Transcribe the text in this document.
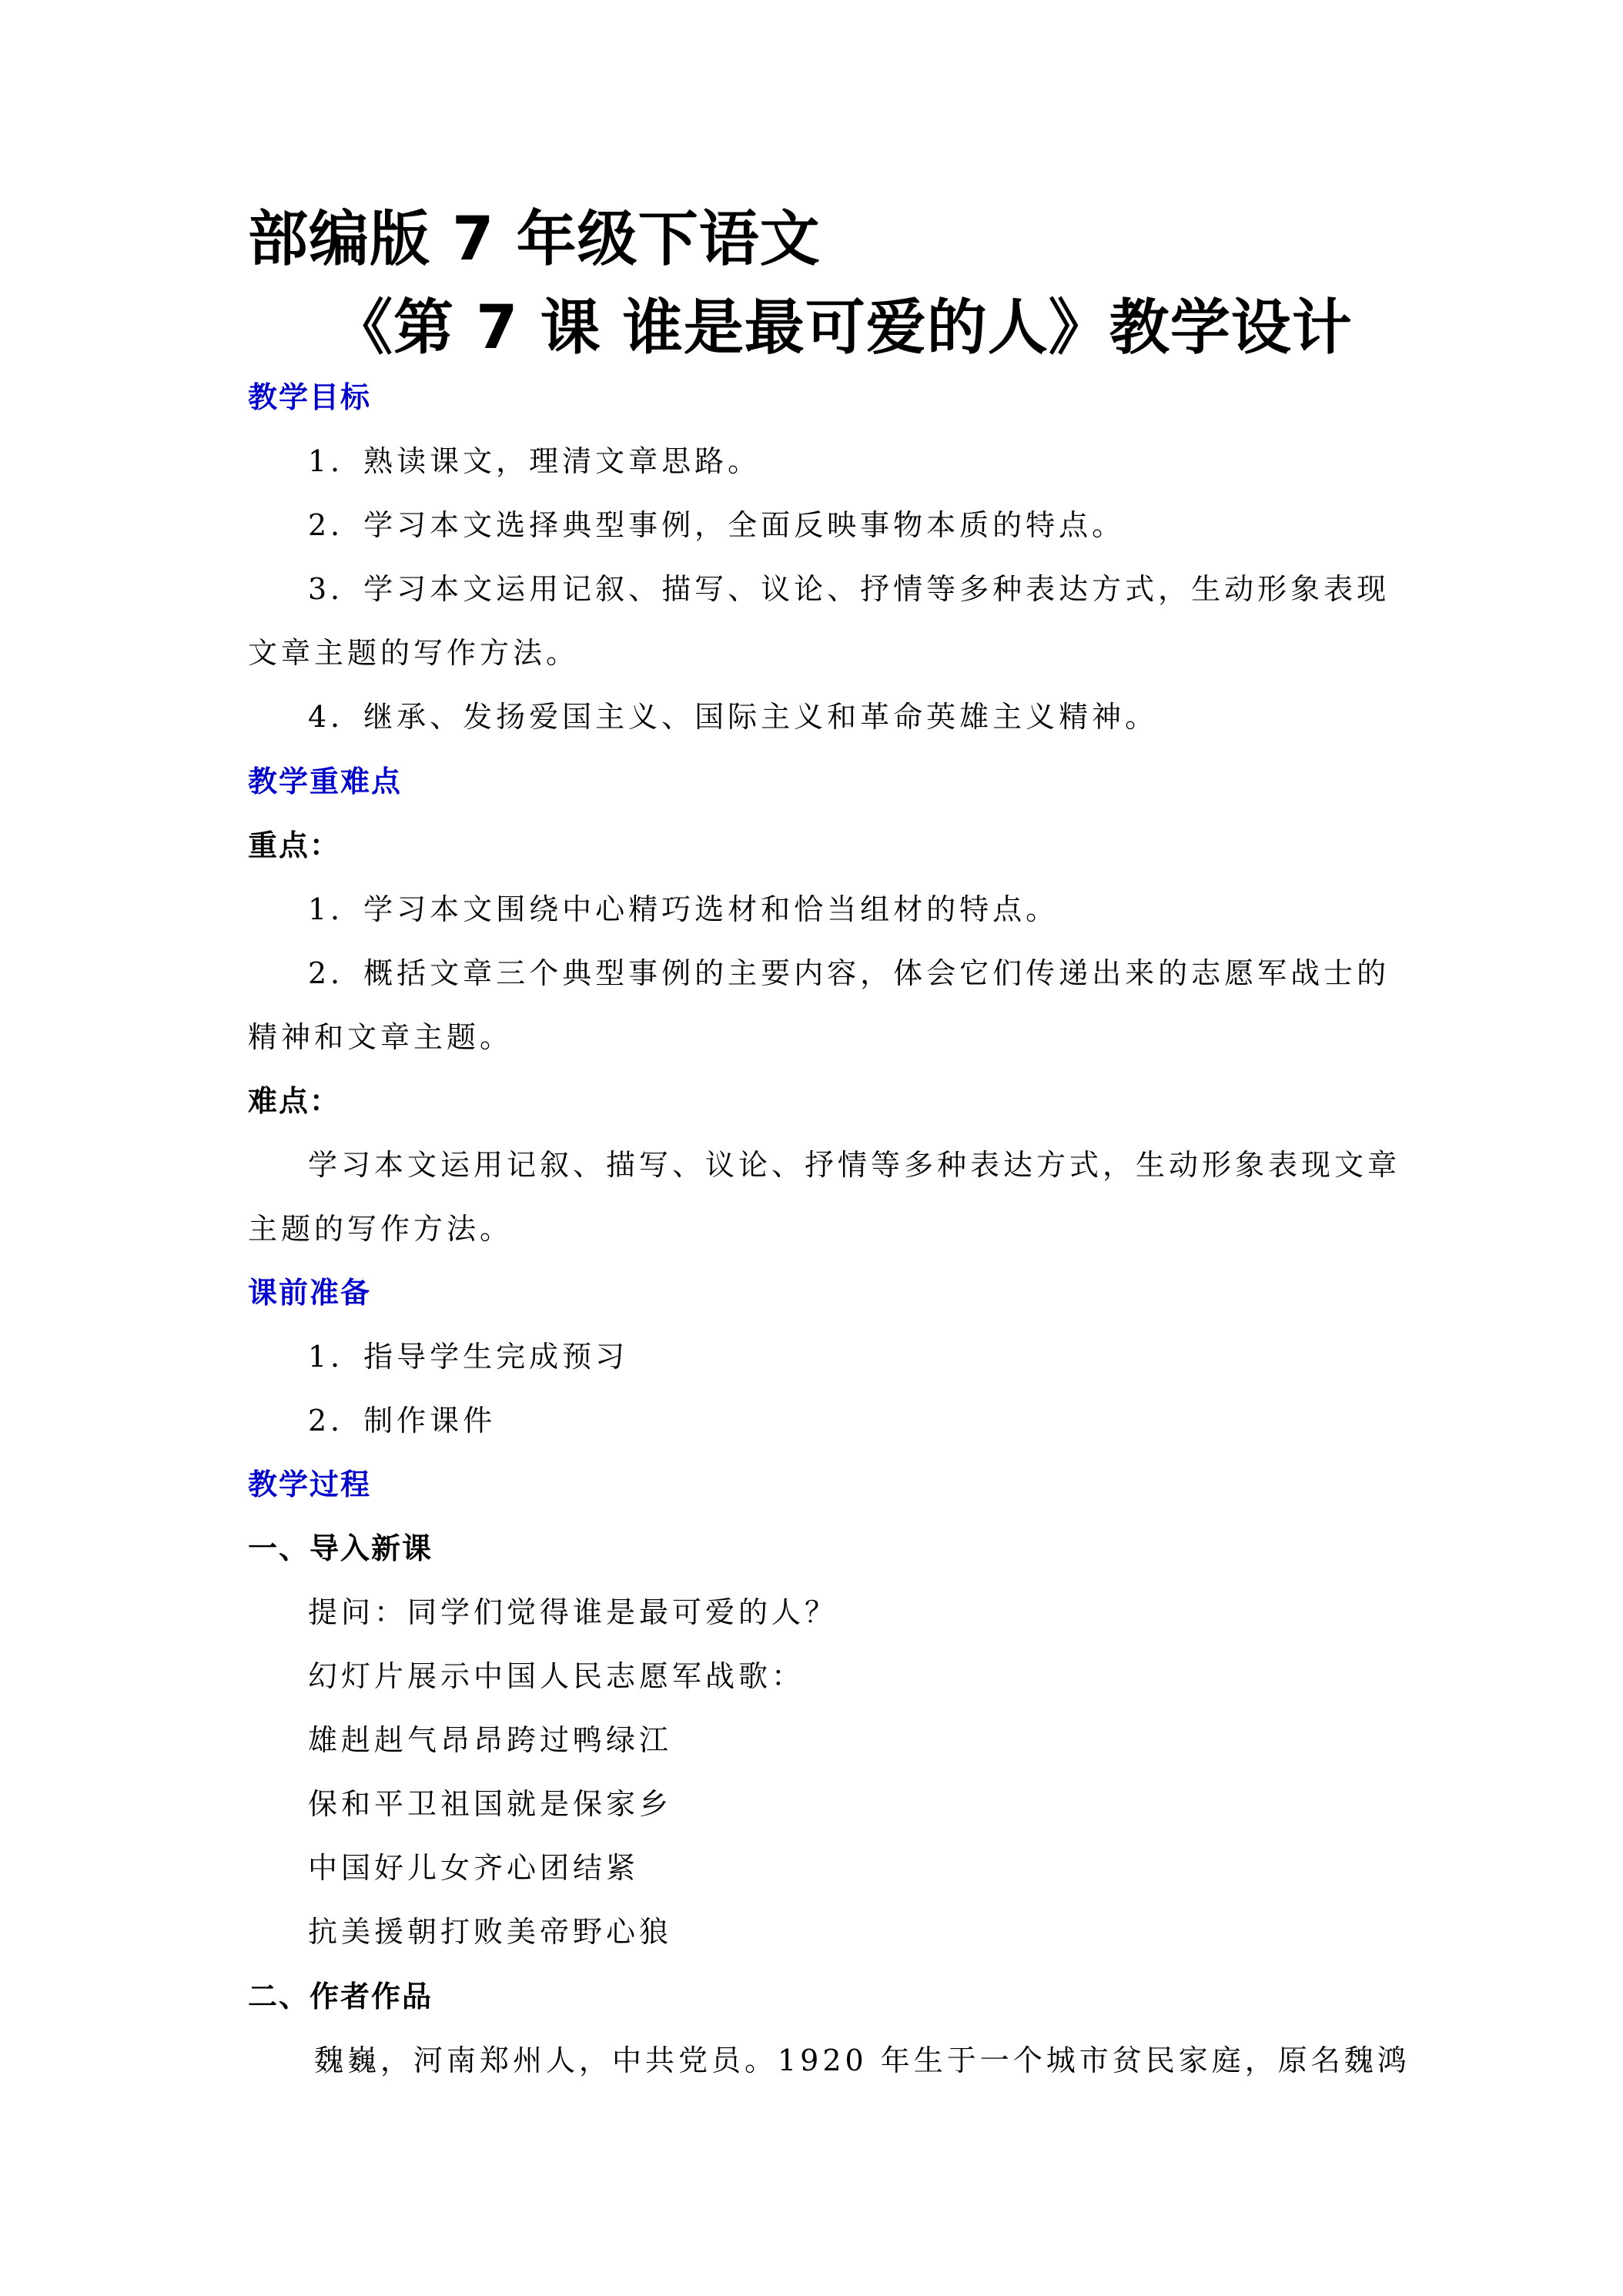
部编版 7 年级下语文
《第 7 课 谁是最可爱的人》教学设计
教学目标
1．熟读课文，理清文章思路。
2．学习本文选择典型事例，全面反映事物本质的特点。
3．学习本文运用记叙、描写、议论、抒情等多种表达方式，生动形象表现
文章主题的写作方法。
4．继承、发扬爱国主义、国际主义和革命英雄主义精神。
教学重难点
重点：
1．学习本文围绕中心精巧选材和恰当组材的特点。
2．概括文章三个典型事例的主要内容，体会它们传递出来的志愿军战士的
精神和文章主题。
难点：
学习本文运用记叙、描写、议论、抒情等多种表达方式，生动形象表现文章
主题的写作方法。
课前准备
1．指导学生完成预习
2．制作课件
教学过程
一、导入新课
提问：同学们觉得谁是最可爱的人？
幻灯片展示中国人民志愿军战歌：
雄赳赳气昂昂跨过鸭绿江
保和平卫祖国就是保家乡
中国好儿女齐心团结紧
抗美援朝打败美帝野心狼
二、作者作品
魏巍，河南郑州人，中共党员。1920 年生于一个城市贫民家庭，原名魏鸿
